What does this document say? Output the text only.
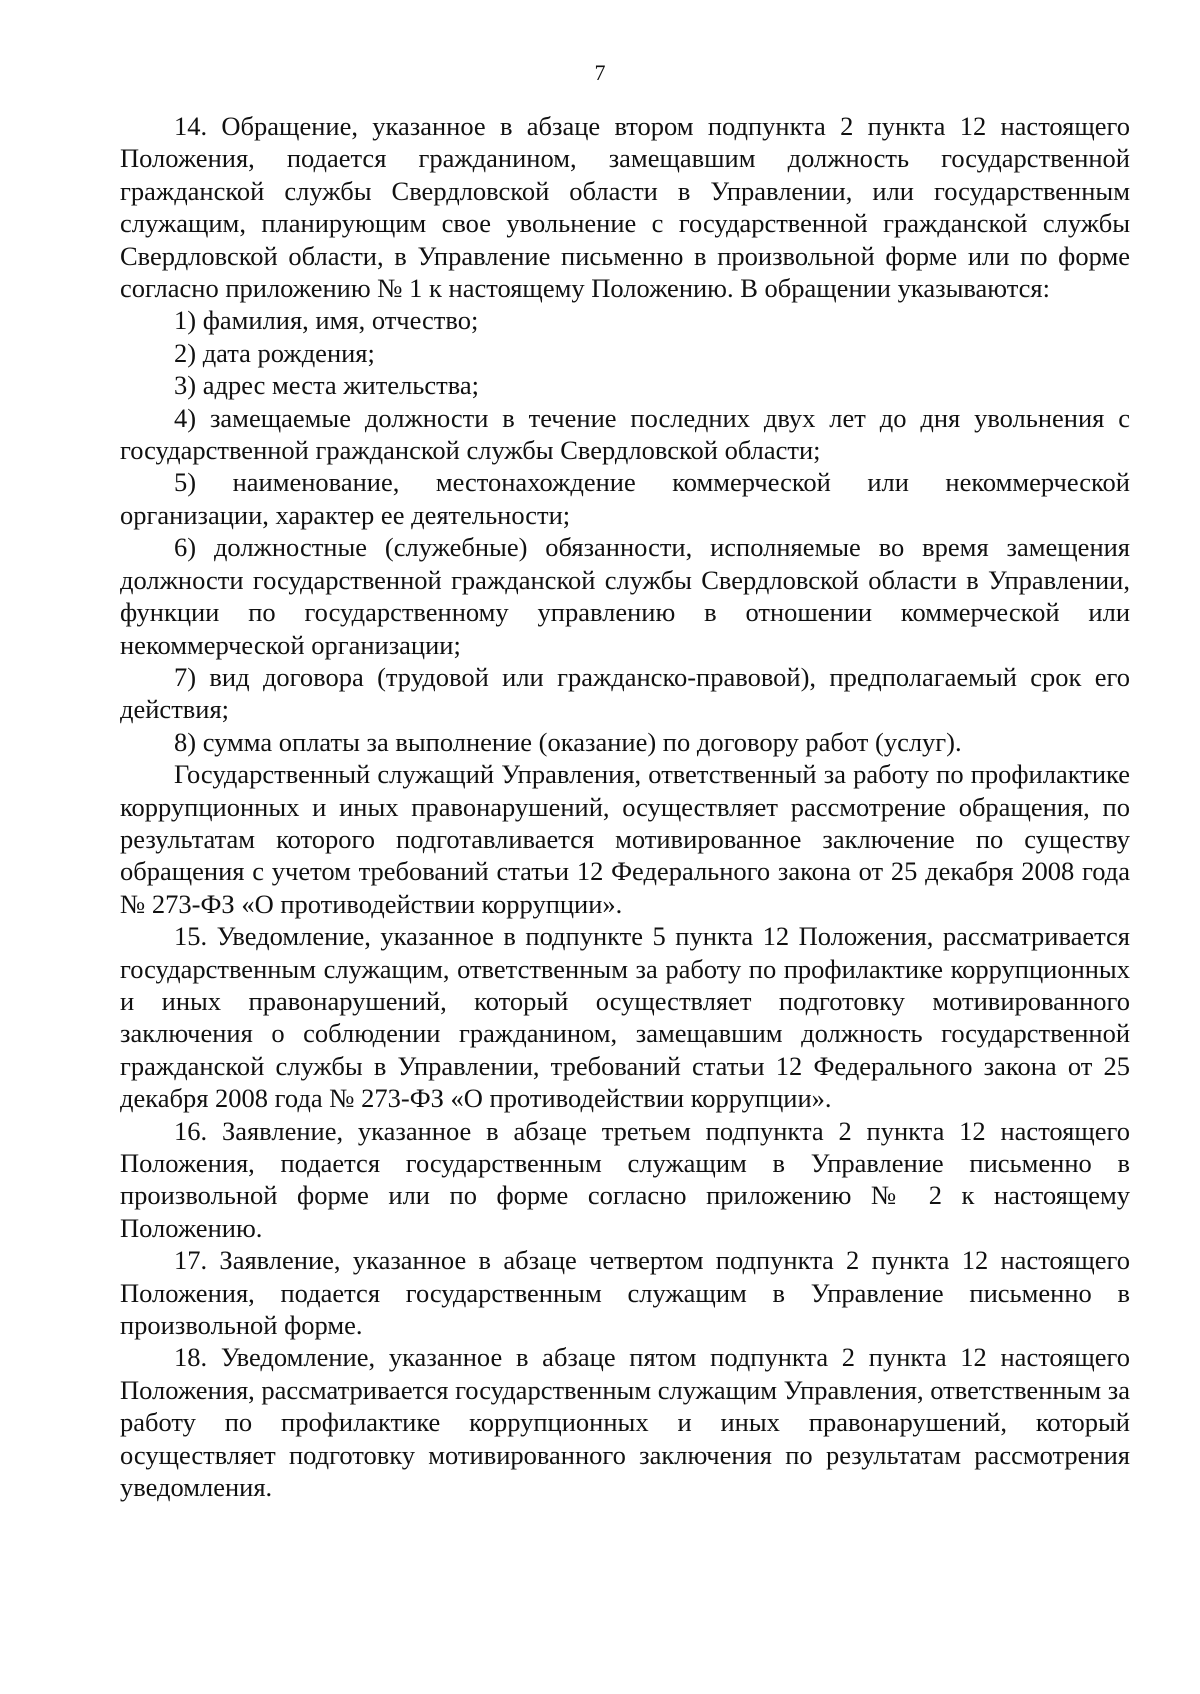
7

14. Обращение, указанное в абзаце втором подпункта 2 пункта 12 настоящего Положения, подается гражданином, замещавшим должность государственной гражданской службы Свердловской области в Управлении, или государственным служащим, планирующим свое увольнение с государственной гражданской службы Свердловской области, в Управление письменно в произвольной форме или по форме согласно приложению № 1 к настоящему Положению. В обращении указываются:

1) фамилия, имя, отчество;

2) дата рождения;

3) адрес места жительства;

4) замещаемые должности в течение последних двух лет до дня увольнения с государственной гражданской службы Свердловской области;

5) наименование, местонахождение коммерческой или некоммерческой организации, характер ее деятельности;

6) должностные (служебные) обязанности, исполняемые во время замещения должности государственной гражданской службы Свердловской области в Управлении, функции по государственному управлению в отношении коммерческой или некоммерческой организации;

7) вид договора (трудовой или гражданско-правовой), предполагаемый срок его действия;

8) сумма оплаты за выполнение (оказание) по договору работ (услуг).

Государственный служащий Управления, ответственный за работу по профилактике коррупционных и иных правонарушений, осуществляет рассмотрение обращения, по результатам которого подготавливается мотивированное заключение по существу обращения с учетом требований статьи 12 Федерального закона от 25 декабря 2008 года № 273-ФЗ «О противодействии коррупции».

15. Уведомление, указанное в подпункте 5 пункта 12 Положения, рассматривается государственным служащим, ответственным за работу по профилактике коррупционных и иных правонарушений, который осуществляет подготовку мотивированного заключения о соблюдении гражданином, замещавшим должность государственной гражданской службы в Управлении, требований статьи 12 Федерального закона от 25 декабря 2008 года № 273-ФЗ «О противодействии коррупции».

16. Заявление, указанное в абзаце третьем подпункта 2 пункта 12 настоящего Положения, подается государственным служащим в Управление письменно в произвольной форме или по форме согласно приложению № 2 к настоящему Положению.

17. Заявление, указанное в абзаце четвертом подпункта 2 пункта 12 настоящего Положения, подается государственным служащим в Управление письменно в произвольной форме.

18. Уведомление, указанное в абзаце пятом подпункта 2 пункта 12 настоящего Положения, рассматривается государственным служащим Управления, ответственным за работу по профилактике коррупционных и иных правонарушений, который осуществляет подготовку мотивированного заключения по результатам рассмотрения уведомления.
